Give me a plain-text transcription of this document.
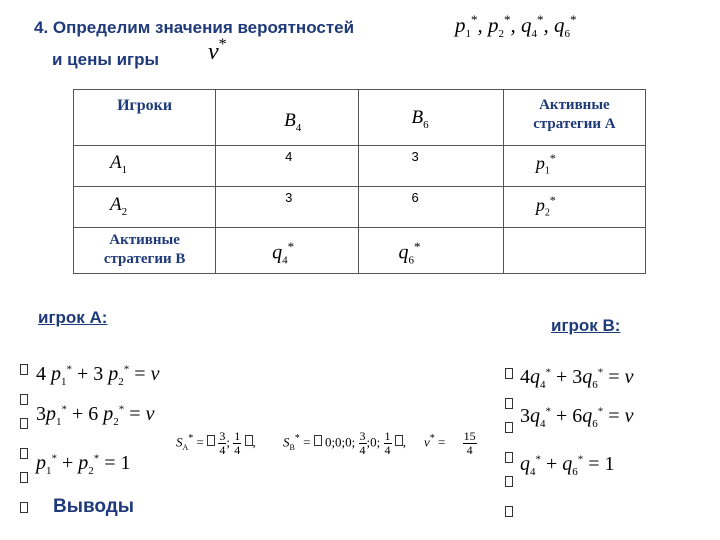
4. Определим значения вероятностей
и цены игры
$p_1^*$, $p_2^*$, $q_4^*$, $q_6^*$
ν*
Игроки	$B_4$	$B_6$	Активные
стратегии A

$A_1$	4	3	$p_1^*$

$A_2$	3	6	$p_2^*$

Активные
стратегии B	$q_4^*$	$q_6^*$

игрок А:	игрок В:
4 $p_1^* + 3$ $p_2^* = \nu$
$3p_1^* + 6$ $p_2^* = \nu$
$p_1^* + p_2^* = 1$
$4q_4^* + 3q_6^* = \nu$
$3q_4^* + 6q_6^* = \nu$
$q_4^* + q_6^* = 1$
$S_A^* = \frac{3}{4}$ ; $\frac{1}{4}$ , $S_B^*$ =  0;0;0; $\frac{3}{4}$ ;0; $\frac{1}{4}$ , $\nu^* = \frac{15}{4}$
Выводы
